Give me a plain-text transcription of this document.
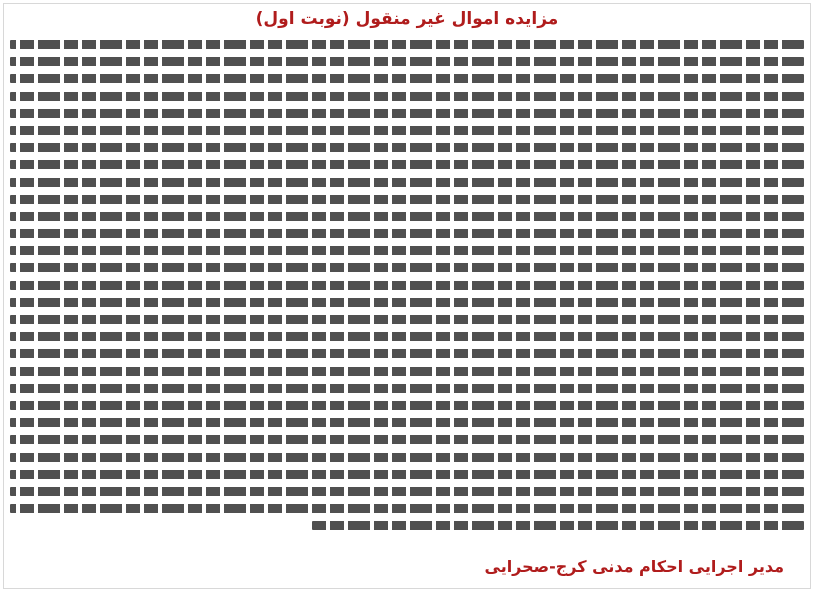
مزایده اموال غیر منقول (نوبت اول)

مدیر اجرایی احکام مدنی کرج-صحرایی
